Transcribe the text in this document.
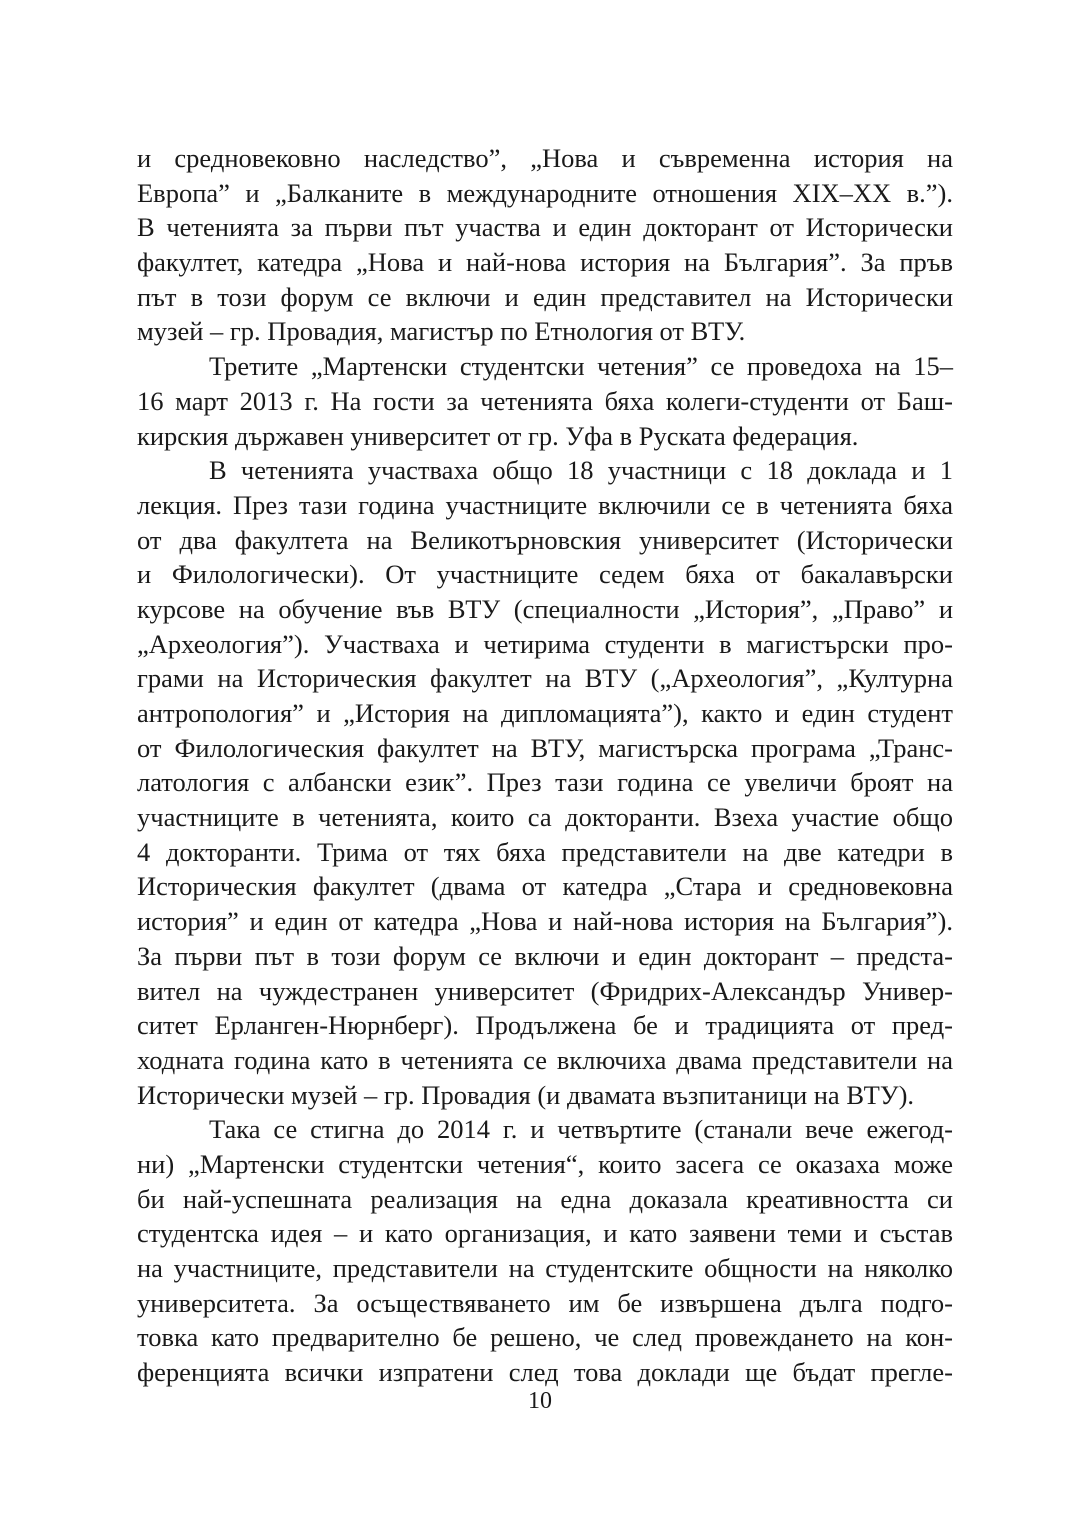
и средновековно наследство”, „Нова и съвременна история на
Европа” и „Балканите в международните отношения XIX–XX в.”).
В четенията за първи път участва и един докторант от Исторически
факултет, катедра „Нова и най-нова история на България”. За пръв
път в този форум се включи и един представител на Исторически
музей – гр. Провадия, магистър по Етнология от ВТУ.
Третите „Мартенски студентски четения” се проведоха на 15–
16 март 2013 г. На гости за четенията бяха колеги-студенти от Баш-
кирския държавен университет от гр. Уфа в Руската федерация.
В четенията участваха общо 18 участници с 18 доклада и 1
лекция. През тази година участниците включили се в четенията бяха
от два факултета на Великотърновския университет (Исторически
и Филологически). От участниците седем бяха от бакалавърски
курсове на обучение във ВТУ (специалности „История”, „Право” и
„Археология”). Участваха и четирима студенти в магистърски про-
грами на Историческия факултет на ВТУ („Археология”, „Културна
антропология” и „История на дипломацията”), както и един студент
от Филологическия факултет на ВТУ, магистърска програма „Транс-
латология с албански език”. През тази година се увеличи броят на
участниците в четенията, които са докторанти. Взеха участие общо
4 докторанти. Трима от тях бяха представители на две катедри в
Историческия факултет (двама от катедра „Стара и средновековна
история” и един от катедра „Нова и най-нова история на България”).
За първи път в този форум се включи и един докторант – предста-
вител на чуждестранен университет (Фридрих-Александър Универ-
ситет Ерланген-Нюрнберг). Продължена бе и традицията от пред-
ходната година като в четенията се включиха двама представители на
Исторически музей – гр. Провадия (и двамата възпитаници на ВТУ).
Така се стигна до 2014 г. и четвъртите (станали вече ежегод-
ни) „Мартенски студентски четения“, които засега се оказаха може
би най-успешната реализация на една доказала креативността си
студентска идея – и като организация, и като заявени теми и състав
на участниците, представители на студентските общности на няколко
университета. За осъществяването им бе извършена дълга подго-
товка като предварително бе решено, че след провеждането на кон-
ференцията всички изпратени след това доклади ще бъдат прегле-
10
